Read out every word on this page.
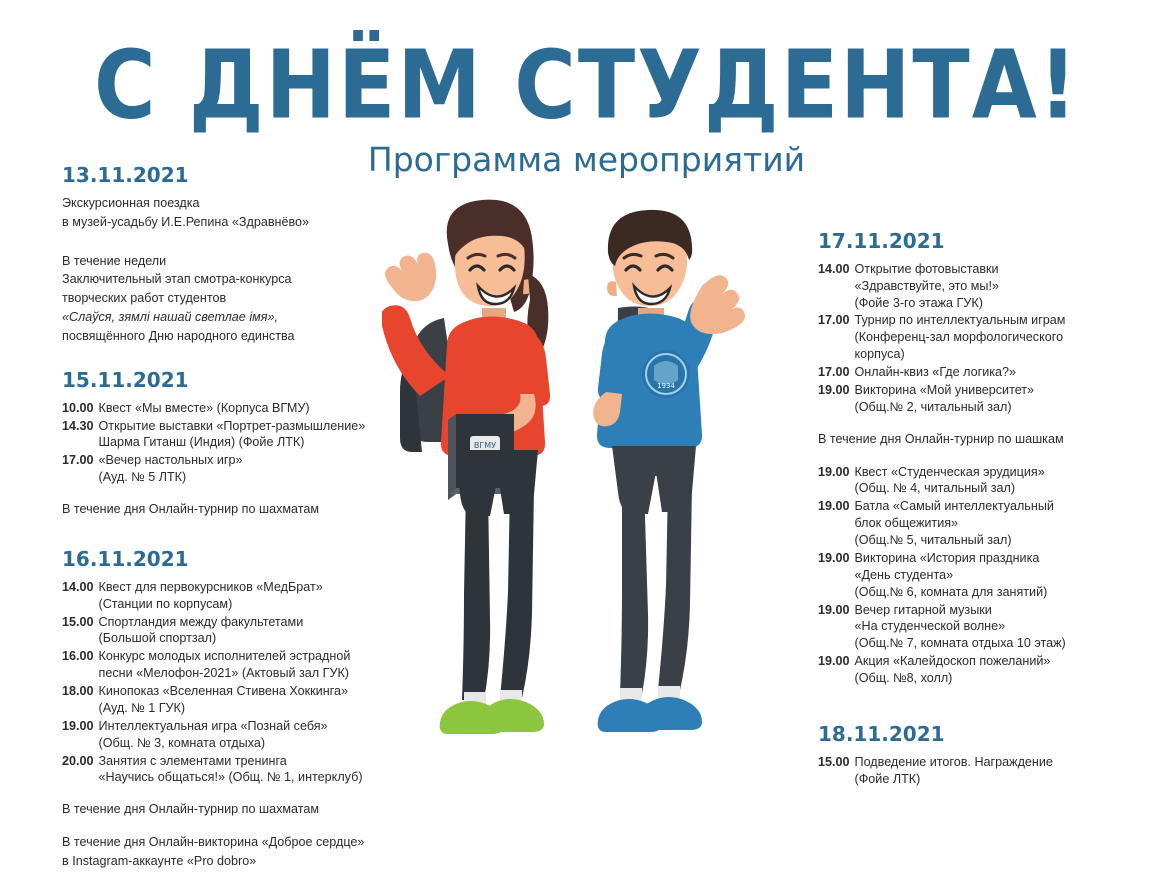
С ДНЁМ СТУДЕНТА!
Программа мероприятий
13.11.2021

Экскурсионная поездка

в музей-усадьбу И.Е.Репина «Здравнёво»

В течение недели

Заключительный этап смотра-конкурса

творческих работ студентов

«Слаўся, зямлі нашай светлае імя»,

посвящённого Дню народного единства

15.11.2021
10.00 Квест «Мы вместе» (Корпуса ВГМУ)

14.30 Открытие выставки «Портрет-размышление»

Шарма Гитанш (Индия) (Фойе ЛТК)

17.00 «Вечер настольных игр»

(Ауд. № 5 ЛТК)

В течение дня Онлайн-турнир по шахматам

16.11.2021
14.00 Квест для первокурсников «МедБрат»

(Станции по корпусам)

15.00 Спортландия между факультетами

(Большой спортзал)

16.00 Конкурс молодых исполнителей эстрадной

песни «Мелофон-2021» (Актовый зал ГУК)

18.00 Кинопоказ «Вселенная Стивена Хоккинга»

(Ауд. № 1 ГУК)

19.00 Интеллектуальная игра «Познай себя»

(Общ. № 3, комната отдыха)

20.00 Занятия с элементами тренинга

«Научись общаться!» (Общ. № 1, интерклуб)

В течение дня Онлайн-турнир по шахматам

В течение дня Онлайн-викторина «Доброе сердце»

в Instagram-аккаунте «Pro dobro»

17.11.2021
14.00 Открытие фотовыставки

«Здравствуйте, это мы!»

(Фойе 3-го этажа ГУК)

17.00 Турнир по интеллектуальным играм

(Конференц-зал морфологического

корпуса)

17.00 Онлайн-квиз «Где логика?»

19.00 Викторина «Мой университет»

(Общ.№ 2, читальный зал)

В течение дня Онлайн-турнир по шашкам

19.00 Квест «Студенческая эрудиция»

(Общ. № 4, читальный зал)

19.00 Батла «Самый интеллектуальный

блок общежития»

(Общ.№ 5, читальный зал)

19.00 Викторина «История праздника

«День студента»

(Общ.№ 6, комната для занятий)

19.00 Вечер гитарной музыки

«На студенческой волне»

(Общ.№ 7, комната отдыха 10 этаж)

19.00 Акция «Калейдоскоп пожеланий»

(Общ. №8, холл)

18.11.2021
15.00 Подведение итогов. Награждение

(Фойе ЛТК)

1934
ВГМУ
